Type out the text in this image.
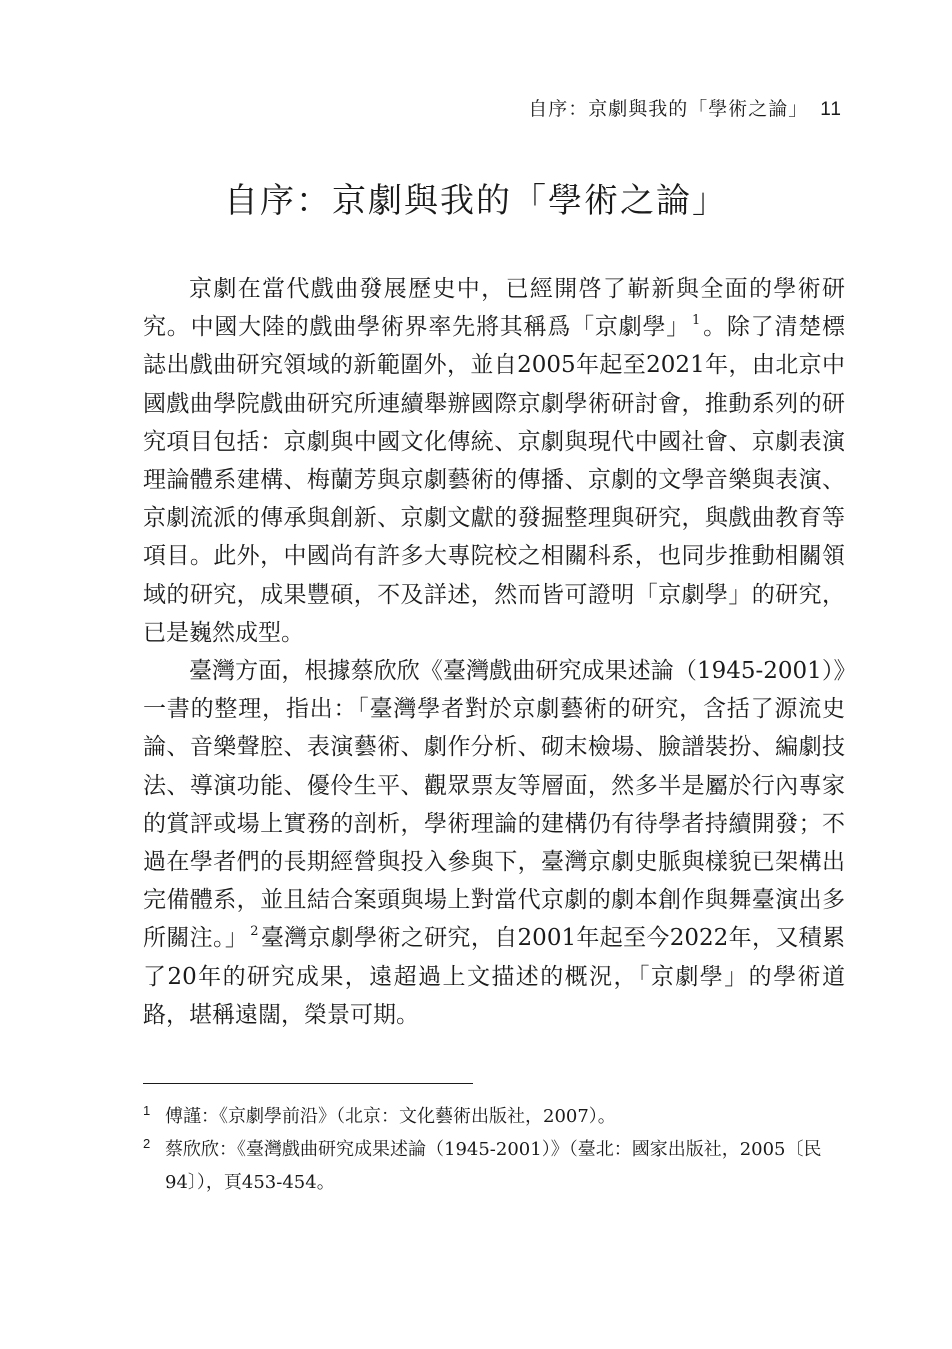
自序：京劇與我的「學術之論」 11
自序：京劇與我的「學術之論」

京劇在當代戲曲發展歷史中，已經開啓了嶄新與全面的學術研究。中國大陸的戲曲學術界率先將其稱爲「京劇學」 $^1$。除了清楚標誌出戲曲研究領域的新範圍外，並自2005年起至2021年，由北京中國戲曲學院戲曲研究所連續舉辦國際京劇學術研討會，推動系列的研究項目包括：京劇與中國文化傳統、京劇與現代中國社會、京劇表演理論體系建構、梅蘭芳與京劇藝術的傳播、京劇的文學音樂與表演、京劇流派的傳承與創新、京劇文獻的發掘整理與研究，與戲曲教育等項目。此外，中國尚有許多大專院校之相關科系，也同步推動相關領域的研究，成果豐碩，不及詳述，然而皆可證明「京劇學」的研究，已是巍然成型。

臺灣方面，根據蔡欣欣《臺灣戲曲研究成果述論（1945-2001）》一書的整理，指出：「臺灣學者對於京劇藝術的研究，含括了源流史論、音樂聲腔、表演藝術、劇作分析、砌末檢場、臉譜裝扮、編劇技法、導演功能、優伶生平、觀眾票友等層面，然多半是屬於行內專家的賞評或場上實務的剖析，學術理論的建構仍有待學者持續開發；不過在學者們的長期經營與投入參與下，臺灣京劇史脈與樣貌已架構出完備體系，並且結合案頭與場上對當代京劇的劇本創作與舞臺演出多所關注。」 $^2$臺灣京劇學術之研究，自2001年起至今2022年，又積累了20年的研究成果，遠超過上文描述的概況，「京劇學」的學術道路，堪稱遠闊，榮景可期。

1 傅謹：《京劇學前沿》（北京：文化藝術出版社，2007）。
2 蔡欣欣：《臺灣戲曲研究成果述論（1945-2001）》（臺北：國家出版社，2005〔民94〕），頁453-454。
